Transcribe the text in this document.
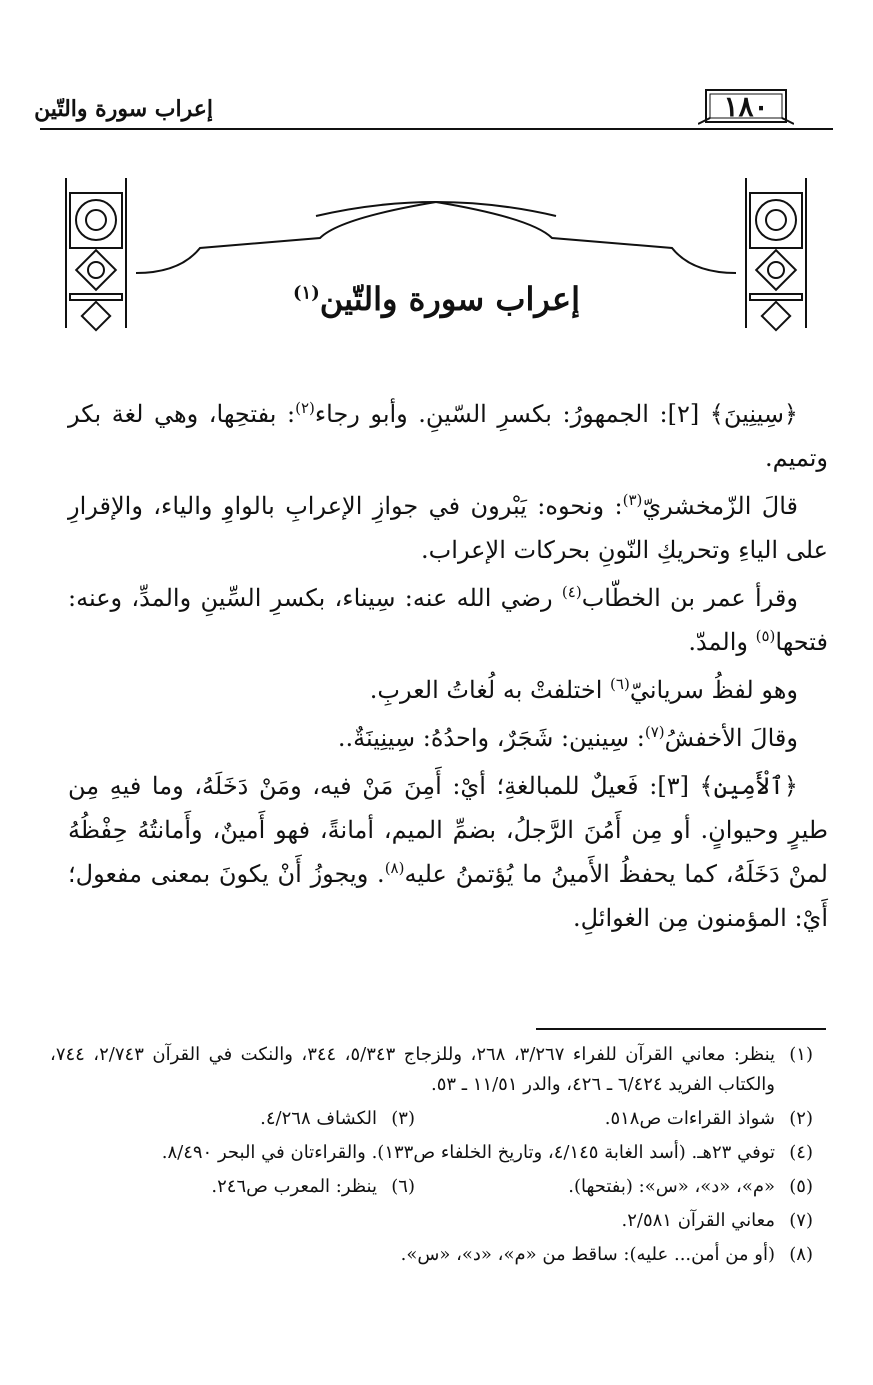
١٨٠
إعراب سورة والتّين
إعراب سورة والتّين$^{(١)}$

﴿سِينِينَ﴾ [٢]: الجمهورُ: بكسرِ السّينِ. وأبو رجاء$^{(٢)}$: بفتحِها، وهي لغة بكر وتميم.

قالَ الزّمخشريّ$^{(٣)}$: ونحوه: يَبْرون في جوازِ الإعرابِ بالواوِ والياء، والإقرارِ على الياءِ وتحريكِ النّونِ بحركات الإعراب.

وقرأ عمر بن الخطّاب$^{(٤)}$ رضي الله عنه: سِيناء، بكسرِ السِّينِ والمدِّ، وعنه: فتحها$^{(٥)}$ والمدّ.

وهو لفظُ سريانيّ$^{(٦)}$ اختلفتْ به لُغاتُ العربِ.

وقالَ الأخفشُ$^{(٧)}$: سِينين: شَجَرٌ، واحدُهُ: سِينِينَةٌ..

﴿ٱلْأَمِينِ﴾ [٣]: فَعيلٌ للمبالغةِ؛ أيْ: أَمِنَ مَنْ فيه، ومَنْ دَخَلَهُ، وما فيهِ مِن طيرٍ وحيوانٍ. أو مِن أَمُنَ الرَّجلُ، بضمِّ الميم، أمانةً، فهو أَمينٌ، وأَمانتُهُ حِفْظُهُ لمنْ دَخَلَهُ، كما يحفظُ الأَمينُ ما يُؤتمنُ عليه$^{(٨)}$. ويجوزُ أَنْ يكونَ بمعنى مفعول؛ أَيْ: المؤمنون مِن الغوائلِ.

(١)
ينظر: معاني القرآن للفراء ٣/٢٦٧، ٢٦٨، وللزجاج ٥/٣٤٣، ٣٤٤، والنكت في القرآن ٢/٧٤٣، ٧٤٤، والكتاب الفريد ٦/٤٢٤ ـ ٤٢٦، والدر ١١/٥١ ـ ٥٣.
(٢)
شواذ القراءات ص٥١٨.
(٣)
الكشاف ٤/٢٦٨.
(٤)
توفي ٢٣هـ. (أسد الغابة ٤/١٤٥، وتاريخ الخلفاء ص١٣٣). والقراءتان في البحر ٨/٤٩٠.
(٥)
«م»، «د»، «س»: (بفتحها).
(٦)
ينظر: المعرب ص٢٤٦.
(٧)
معاني القرآن ٢/٥٨١.
(٨)
(أو من أمن... عليه): ساقط من «م»، «د»، «س».
